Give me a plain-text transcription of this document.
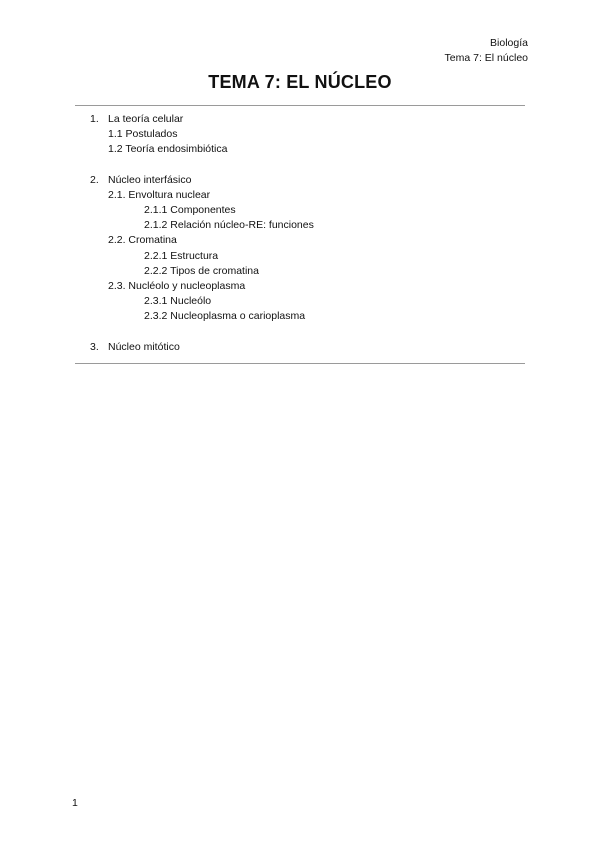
Biología
Tema 7: El núcleo
TEMA 7: EL NÚCLEO
1. La teoría celular
1.1 Postulados
1.2 Teoría endosimbiótica
2. Núcleo interfásico
2.1. Envoltura nuclear
2.1.1 Componentes
2.1.2 Relación núcleo-RE: funciones
2.2. Cromatina
2.2.1 Estructura
2.2.2 Tipos de cromatina
2.3. Nucléolo y nucleoplasma
2.3.1 Nucleólo
2.3.2 Nucleoplasma o carioplasma
3. Núcleo mitótico
1
